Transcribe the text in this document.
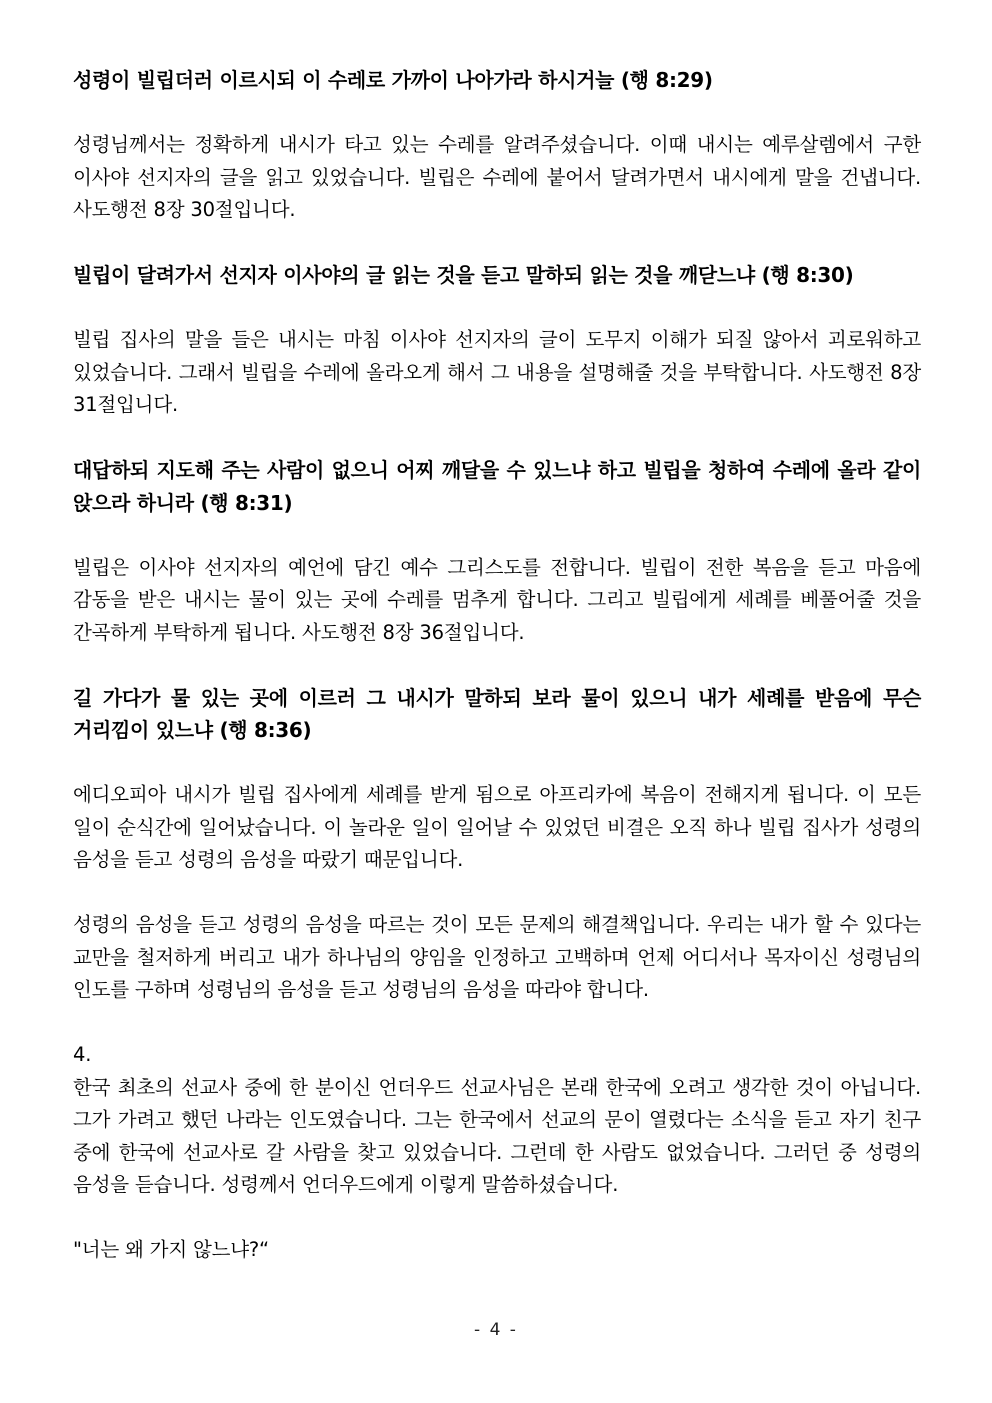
성령이 빌립더러 이르시되 이 수레로 가까이 나아가라 하시거늘 (행 8:29)

성령님께서는 정확하게 내시가 타고 있는 수레를 알려주셨습니다. 이때 내시는 예루살렘에서 구한 이사야 선지자의 글을 읽고 있었습니다. 빌립은 수레에 붙어서 달려가면서 내시에게 말을 건냅니다. 사도행전 8장 30절입니다.

빌립이 달려가서 선지자 이사야의 글 읽는 것을 듣고 말하되 읽는 것을 깨닫느냐 (행 8:30)

빌립 집사의 말을 들은 내시는 마침 이사야 선지자의 글이 도무지 이해가 되질 않아서 괴로워하고 있었습니다. 그래서 빌립을 수레에 올라오게 해서 그 내용을 설명해줄 것을 부탁합니다. 사도행전 8장 31절입니다.

대답하되 지도해 주는 사람이 없으니 어찌 깨달을 수 있느냐 하고 빌립을 청하여 수레에 올라 같이 앉으라 하니라 (행 8:31)

빌립은 이사야 선지자의 예언에 담긴 예수 그리스도를 전합니다. 빌립이 전한 복음을 듣고 마음에 감동을 받은 내시는 물이 있는 곳에 수레를 멈추게 합니다. 그리고 빌립에게 세례를 베풀어줄 것을 간곡하게 부탁하게 됩니다. 사도행전 8장 36절입니다.

길 가다가 물 있는 곳에 이르러 그 내시가 말하되 보라 물이 있으니 내가 세례를 받음에 무슨 거리낌이 있느냐 (행 8:36)

에디오피아 내시가 빌립 집사에게 세례를 받게 됨으로 아프리카에 복음이 전해지게 됩니다. 이 모든 일이 순식간에 일어났습니다. 이 놀라운 일이 일어날 수 있었던 비결은 오직 하나 빌립 집사가 성령의 음성을 듣고 성령의 음성을 따랐기 때문입니다.

성령의 음성을 듣고 성령의 음성을 따르는 것이 모든 문제의 해결책입니다. 우리는 내가 할 수 있다는 교만을 철저하게 버리고 내가 하나님의 양임을 인정하고 고백하며 언제 어디서나 목자이신 성령님의 인도를 구하며 성령님의 음성을 듣고 성령님의 음성을 따라야 합니다.

4.

한국 최초의 선교사 중에 한 분이신 언더우드 선교사님은 본래 한국에 오려고 생각한 것이 아닙니다. 그가 가려고 했던 나라는 인도였습니다. 그는 한국에서 선교의 문이 열렸다는 소식을 듣고 자기 친구 중에 한국에 선교사로 갈 사람을 찾고 있었습니다. 그런데 한 사람도 없었습니다. 그러던 중 성령의 음성을 듣습니다. 성령께서 언더우드에게 이렇게 말씀하셨습니다.

"너는 왜 가지 않느냐?“

- 4 -
